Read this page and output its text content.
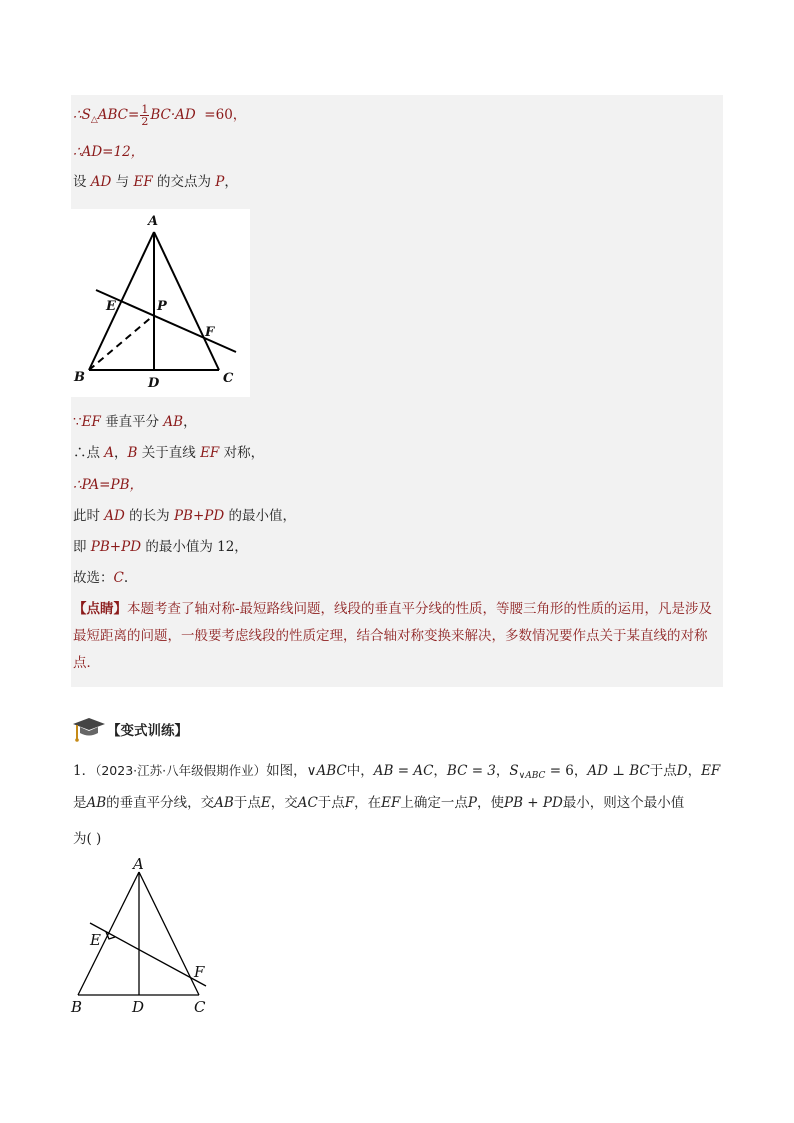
$\therefore S_\triangle ABC= \frac{1}{2} BC\cdot AD =60$，
∴AD=12，
设 AD 与 EF 的交点为 P，
A
B	C
D
E
F
P
∵EF 垂直平分 AB，
∴点 A，B 关于直线 EF 对称，
∴PA=PB，
此时 AD 的长为 PB+PD 的最小值，
即 PB+PD 的最小值为 12，
故选：C.
【点睛】本题考查了轴对称-最短路线问题，线段的垂直平分线的性质，等腰三角形的性质的运用，凡是涉及最短距离的问题，一般要考虑线段的性质定理，结合轴对称变换来解决，多数情况要作点关于某直线的对称点．
【变式训练】
1．（2023·江苏·八年级假期作业）如图，∨ABC中，AB = AC，BC = 3，$S_{\vee ABC} = 6$，AD ⊥ BC于点D，EF
是AB的垂直平分线，交AB于点E，交AC于点F，在EF上确定一点P，使PB + PD最小，则这个最小值
为( )
A
B	C
D
E
F
